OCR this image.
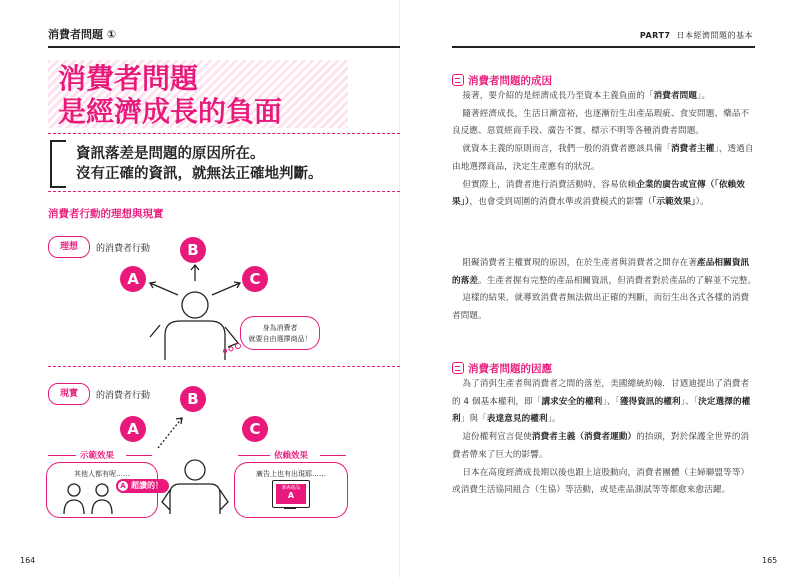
消費者問題 ①	PART7 日本經濟問題的基本
消費者問題
是經濟成長的負面
資訊落差是問題的原因所在。
沒有正確的資訊，就無法正確地判斷。
消費者行動的理想與現實
理想	的消費者行動	B
A	C
身為消費者
就要自由選擇商品！
現實	的消費者行動	B
A	C
示範效果
其他人都有呢……
A 超讚的！
依賴效果
廣告上也有出現耶……
新A商品
A
164
消費者問題的成因
接著，要介紹的是經濟成長乃至資本主義負面的「消費者問題」。
隨著經濟成長，生活日漸富裕，也逐漸衍生出產品瑕疵、食安問題、藥品不良反應、惡質經商手段、廣告不實、標示不明等各種消費者問題。
就資本主義的原則而言，我們一般的消費者應該具備「消費者主權」，透過自由地選擇商品，決定生產應有的狀況。
但實際上，消費者進行消費活動時，容易依賴企業的廣告或宣傳（「依賴效果」），也會受到周圍的消費水準或消費模式的影響（「示範效果」）。
阻礙消費者主權實現的原因，在於生產者與消費者之間存在著產品相關資訊的落差。生產者握有完整的產品相關資訊，但消費者對於產品的了解並不完整。
這樣的結果，就導致消費者無法做出正確的判斷，而衍生出各式各樣的消費者問題。
消費者問題的因應
為了消弭生產者與消費者之間的落差，美國總統約翰．甘迺迪提出了消費者的 4 個基本權利，即「講求安全的權利」、「獲得資訊的權利」、「決定選擇的權利」與「表達意見的權利」。
這份權利宣言促使消費者主義（消費者運動）的抬頭，對於保護全世界的消費者帶來了巨大的影響。
日本在高度經濟成長期以後也跟上這股動向，消費者團體（主婦聯盟等等）或消費生活協同組合（生協）等活動，或是產品測試等等都愈來愈活躍。
165
